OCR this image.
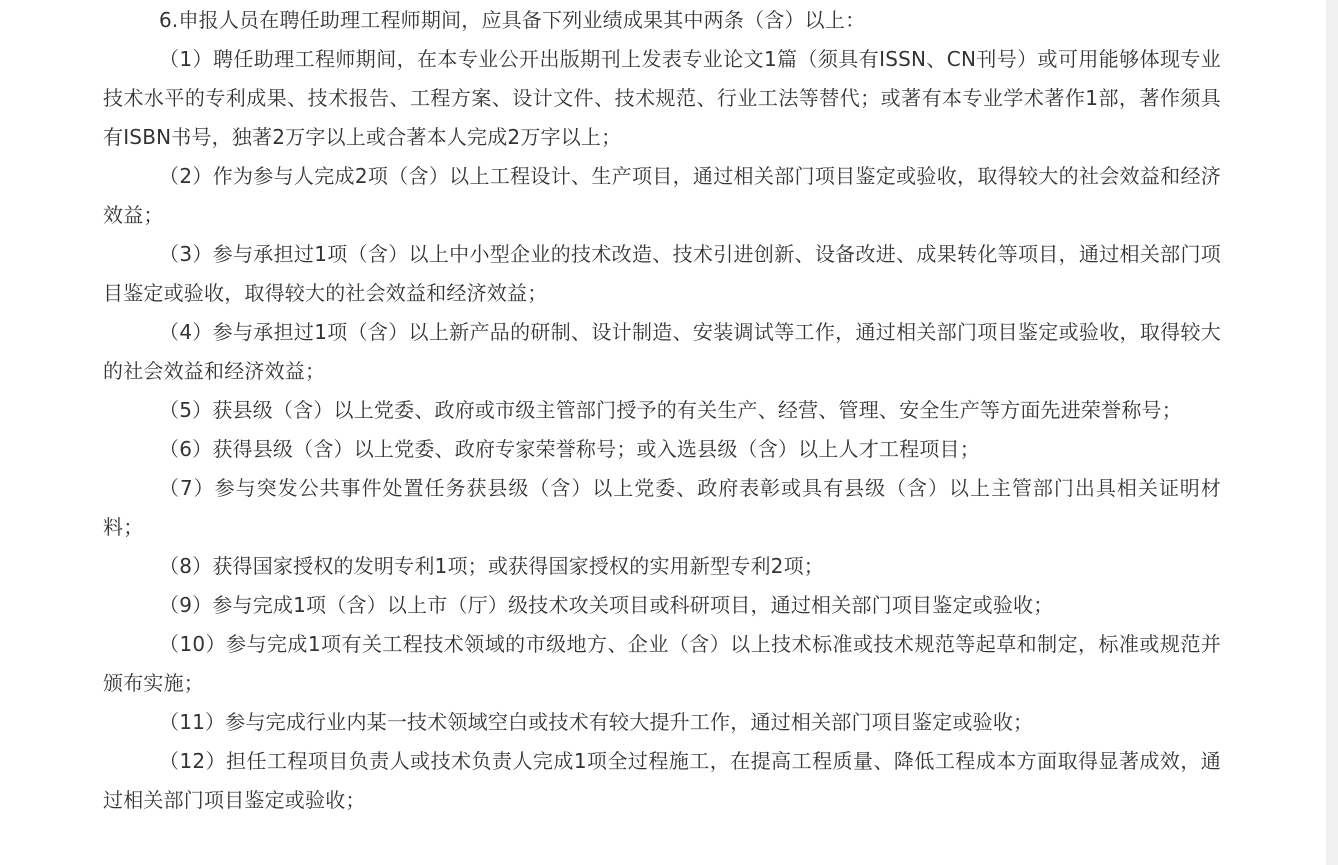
6.申报人员在聘任助理工程师期间，应具备下列业绩成果其中两条（含）以上：

（1）聘任助理工程师期间，在本专业公开出版期刊上发表专业论文1篇（须具有ISSN、CN刊号）或可用能够体现专业技术水平的专利成果、技术报告、工程方案、设计文件、技术规范、行业工法等替代；或著有本专业学术著作1部，著作须具有ISBN书号，独著2万字以上或合著本人完成2万字以上；

（2）作为参与人完成2项（含）以上工程设计、生产项目，通过相关部门项目鉴定或验收，取得较大的社会效益和经济效益；

（3）参与承担过1项（含）以上中小型企业的技术改造、技术引进创新、设备改进、成果转化等项目，通过相关部门项目鉴定或验收，取得较大的社会效益和经济效益；

（4）参与承担过1项（含）以上新产品的研制、设计制造、安装调试等工作，通过相关部门项目鉴定或验收，取得较大的社会效益和经济效益；

（5）获县级（含）以上党委、政府或市级主管部门授予的有关生产、经营、管理、安全生产等方面先进荣誉称号；

（6）获得县级（含）以上党委、政府专家荣誉称号；或入选县级（含）以上人才工程项目；

（7）参与突发公共事件处置任务获县级（含）以上党委、政府表彰或具有县级（含）以上主管部门出具相关证明材料；

（8）获得国家授权的发明专利1项；或获得国家授权的实用新型专利2项；

（9）参与完成1项（含）以上市（厅）级技术攻关项目或科研项目，通过相关部门项目鉴定或验收；

（10）参与完成1项有关工程技术领域的市级地方、企业（含）以上技术标准或技术规范等起草和制定，标准或规范并颁布实施；

（11）参与完成行业内某一技术领域空白或技术有较大提升工作，通过相关部门项目鉴定或验收；

（12）担任工程项目负责人或技术负责人完成1项全过程施工，在提高工程质量、降低工程成本方面取得显著成效，通过相关部门项目鉴定或验收；
